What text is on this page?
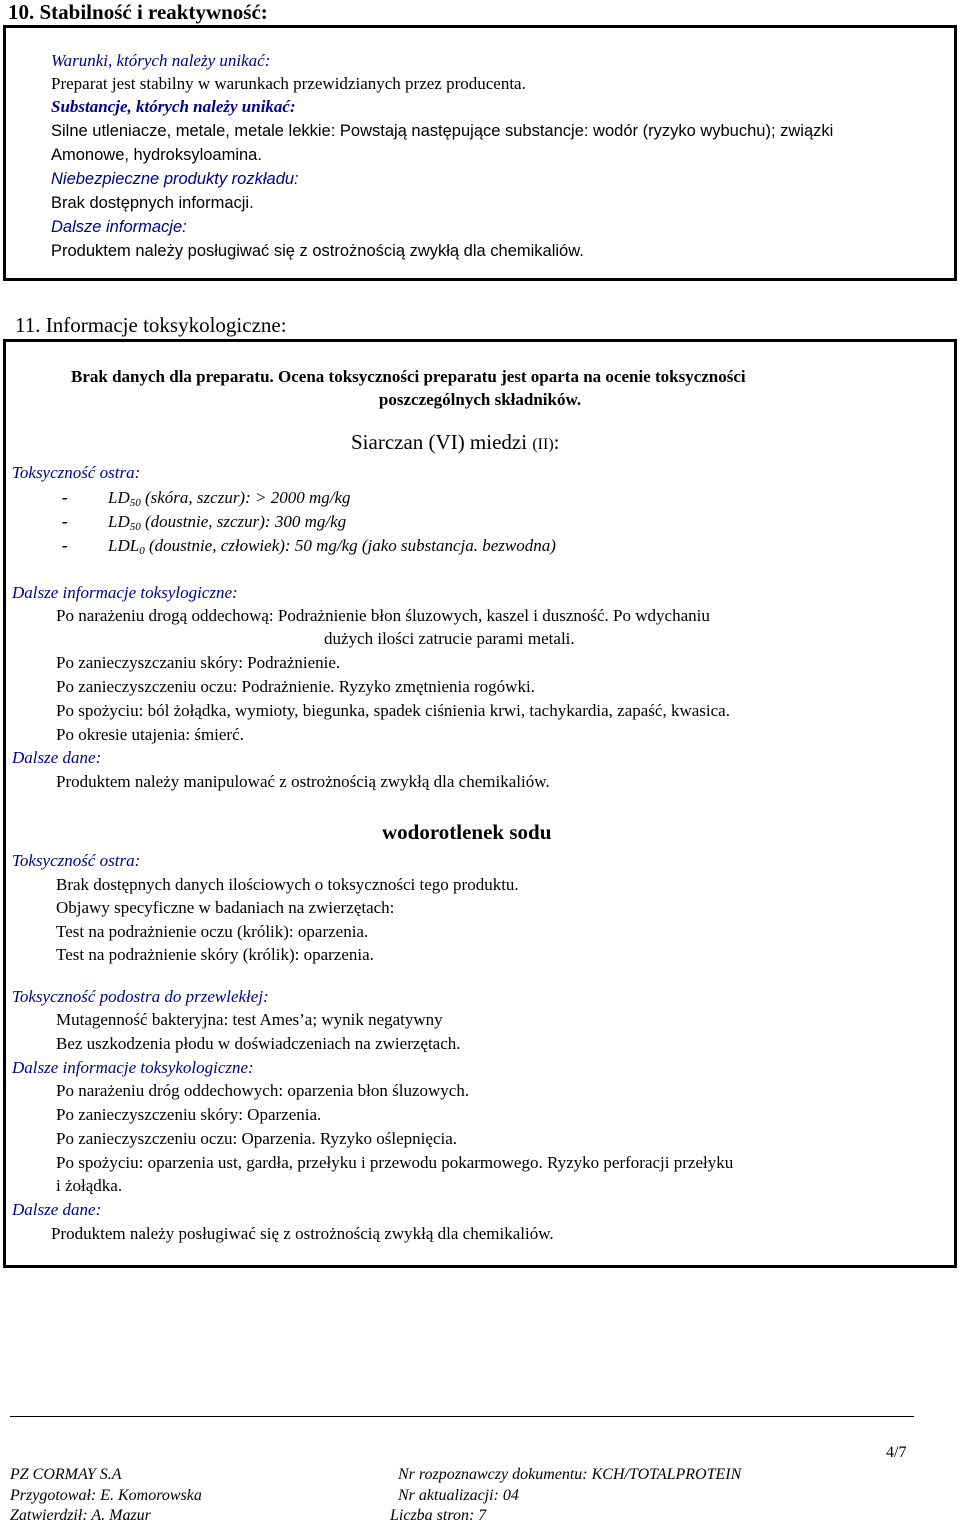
10. Stabilność i reaktywność:
Warunki, których należy unikać:
Preparat jest stabilny w warunkach przewidzianych przez producenta.
Substancje, których należy unikać:
Silne utleniacze, metale, metale lekkie: Powstają następujące substancje: wodór (ryzyko wybuchu); związki
Amonowe, hydroksyloamina.
Niebezpieczne produkty rozkładu:
Brak dostępnych informacji.
Dalsze informacje:
Produktem należy posługiwać się z ostrożnością zwykłą dla chemikaliów.
11. Informacje toksykologiczne:
Brak danych dla preparatu. Ocena toksyczności preparatu jest oparta na ocenie toksyczności
poszczególnych składników.
Siarczan (VI) miedzi (II):
Toksyczność ostra:
- $LD_{50}$ (skóra, szczur): > 2000 mg/kg
- $LD_{50}$ (doustnie, szczur): 300 mg/kg
- $LDL_0$ (doustnie, człowiek): 50 mg/kg (jako substancja. bezwodna)
Dalsze informacje toksylogiczne:
Po narażeniu drogą oddechową: Podrażnienie błon śluzowych, kaszel i duszność. Po wdychaniu
dużych ilości zatrucie parami metali.
Po zanieczyszczaniu skóry: Podrażnienie.
Po zanieczyszczeniu oczu: Podrażnienie. Ryzyko zmętnienia rogówki.
Po spożyciu: ból żołądka, wymioty, biegunka, spadek ciśnienia krwi, tachykardia, zapaść, kwasica.
Po okresie utajenia: śmierć.
Dalsze dane:
Produktem należy manipulować z ostrożnością zwykłą dla chemikaliów.
wodorotlenek sodu
Toksyczność ostra:
Brak dostępnych danych ilościowych o toksyczności tego produktu.
Objawy specyficzne w badaniach na zwierzętach:
Test na podrażnienie oczu (królik): oparzenia.
Test na podrażnienie skóry (królik): oparzenia.
Toksyczność podostra do przewlekłej:
Mutagenność bakteryjna: test Ames’a; wynik negatywny
Bez uszkodzenia płodu w doświadczeniach na zwierzętach.
Dalsze informacje toksykologiczne:
Po narażeniu dróg oddechowych: oparzenia błon śluzowych.
Po zanieczyszczeniu skóry: Oparzenia.
Po zanieczyszczeniu oczu: Oparzenia. Ryzyko oślepnięcia.
Po spożyciu: oparzenia ust, gardła, przełyku i przewodu pokarmowego. Ryzyko perforacji przełyku
i żołądka.
Dalsze dane:
Produktem należy posługiwać się z ostrożnością zwykłą dla chemikaliów.
4/7
PZ CORMAY S.A	Nr rozpoznawczy dokumentu: KCH/TOTALPROTEIN
Przygotował: E. Komorowska	Nr aktualizacji: 04
Zatwierdził: A. Mazur	Liczba stron: 7
